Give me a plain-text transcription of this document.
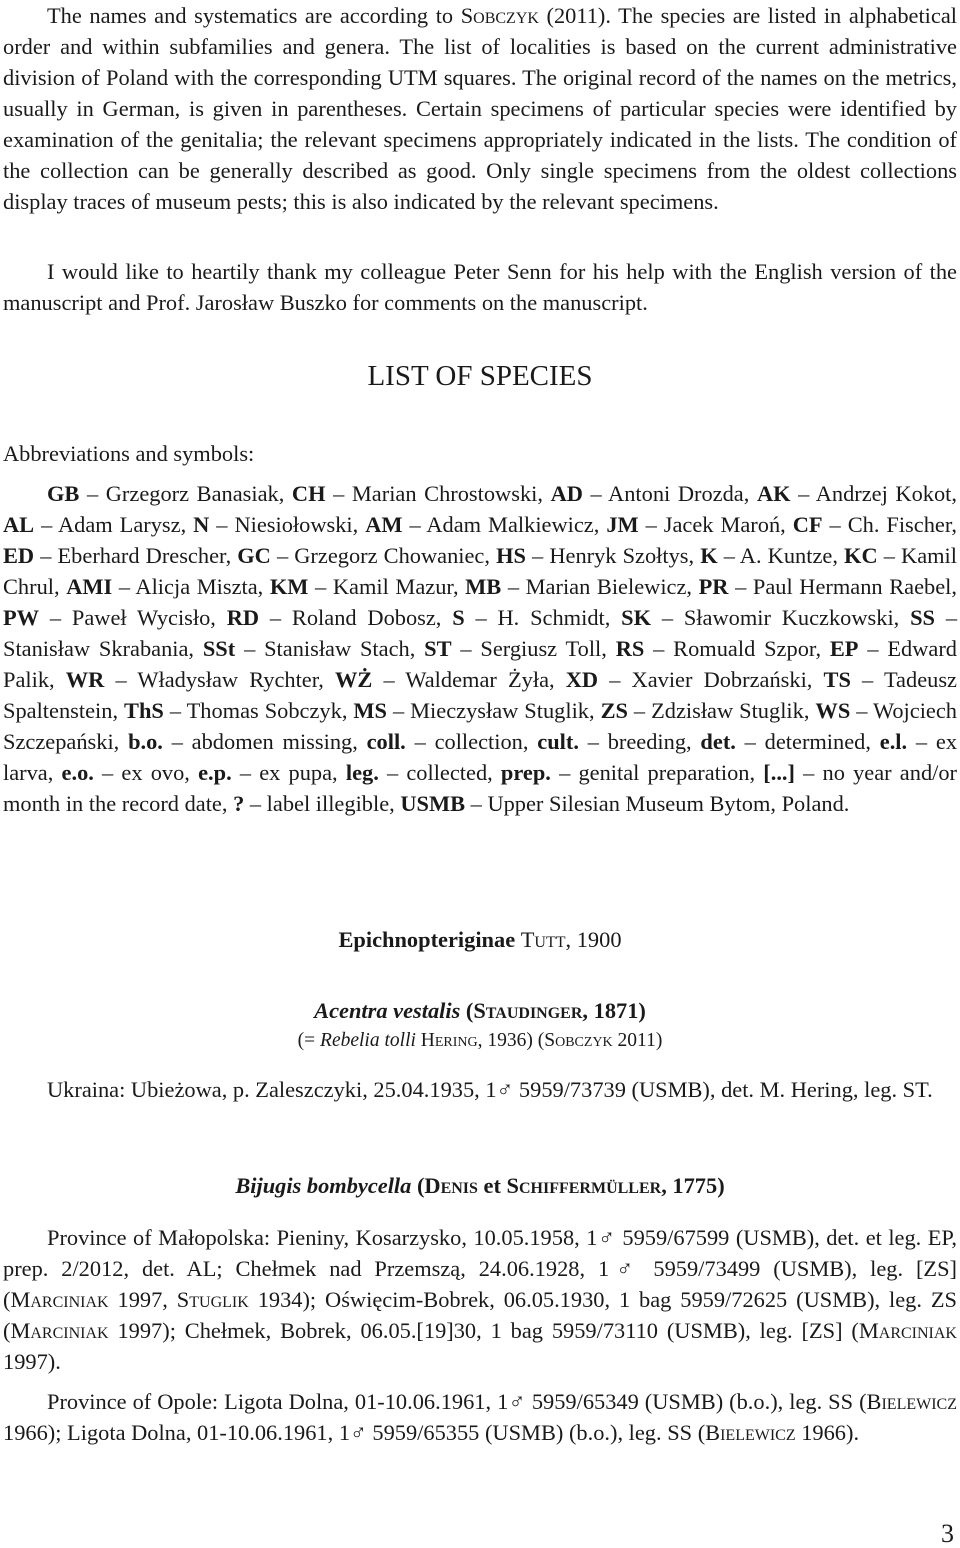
The names and systematics are according to Sobczyk (2011). The species are listed in alphabetical order and within subfamilies and genera. The list of localities is based on the current administrative division of Poland with the corresponding UTM squares. The original record of the names on the metrics, usually in German, is given in parentheses. Certain specimens of particular species were identified by examination of the genitalia; the relevant specimens appropriately indicated in the lists. The condition of the collection can be generally described as good. Only single specimens from the oldest collections display traces of museum pests; this is also indicated by the relevant specimens.

I would like to heartily thank my colleague Peter Senn for his help with the English version of the manuscript and Prof. Jarosław Buszko for comments on the manuscript.

LIST OF SPECIES

Abbreviations and symbols:

GB – Grzegorz Banasiak, CH – Marian Chrostowski, AD – Antoni Drozda, AK – Andrzej Kokot, AL – Adam Larysz, N – Niesiołowski, AM – Adam Malkiewicz, JM – Jacek Maroń, CF – Ch. Fischer, ED – Eberhard Drescher, GC – Grzegorz Chowaniec, HS – Henryk Szołtys, K – A. Kuntze, KC – Kamil Chrul, AMI – Alicja Miszta, KM – Kamil Mazur, MB – Marian Bielewicz, PR – Paul Hermann Raebel, PW – Paweł Wycisło, RD – Roland Dobosz, S – H. Schmidt, SK – Sławomir Kuczkowski, SS – Stanisław Skrabania, SSt – Stanisław Stach, ST – Sergiusz Toll, RS – Romuald Szpor, EP – Edward Palik, WR – Władysław Rychter, WŻ – Waldemar Żyła, XD – Xavier Dobrzański, TS – Tadeusz Spaltenstein, ThS – Thomas Sobczyk, MS – Mieczysław Stuglik, ZS – Zdzisław Stuglik, WS – Wojciech Szczepański, b.o. – abdomen missing, coll. – collection, cult. – breeding, det. – determined, e.l. – ex larva, e.o. – ex ovo, e.p. – ex pupa, leg. – collected, prep. – genital preparation, [...] – no year and/or month in the record date, ? – label illegible, USMB – Upper Silesian Museum Bytom, Poland.

Epichnopteriginae Tutt, 1900

Acentra vestalis (Staudinger, 1871)

(= Rebelia tolli Hering, 1936) (Sobczyk 2011)

Ukraina: Ubieżowa, p. Zaleszczyki, 25.04.1935, 1♂ 5959/73739 (USMB), det. M. Hering, leg. ST.

Bijugis bombycella (Denis et Schiffermüller, 1775)

Province of Małopolska: Pieniny, Kosarzysko, 10.05.1958, 1♂ 5959/67599 (USMB), det. et leg. EP, prep. 2/2012, det. AL; Chełmek nad Przemszą, 24.06.1928, 1♂ 5959/73499 (USMB), leg. [ZS] (Marciniak 1997, Stuglik 1934); Oświęcim-Bobrek, 06.05.1930, 1 bag 5959/72625 (USMB), leg. ZS (Marciniak 1997); Chełmek, Bobrek, 06.05.[19]30, 1 bag 5959/73110 (USMB), leg. [ZS] (Marciniak 1997).

Province of Opole: Ligota Dolna, 01-10.06.1961, 1♂ 5959/65349 (USMB) (b.o.), leg. SS (Bielewicz 1966); Ligota Dolna, 01-10.06.1961, 1♂ 5959/65355 (USMB) (b.o.), leg. SS (Bielewicz 1966).

3
